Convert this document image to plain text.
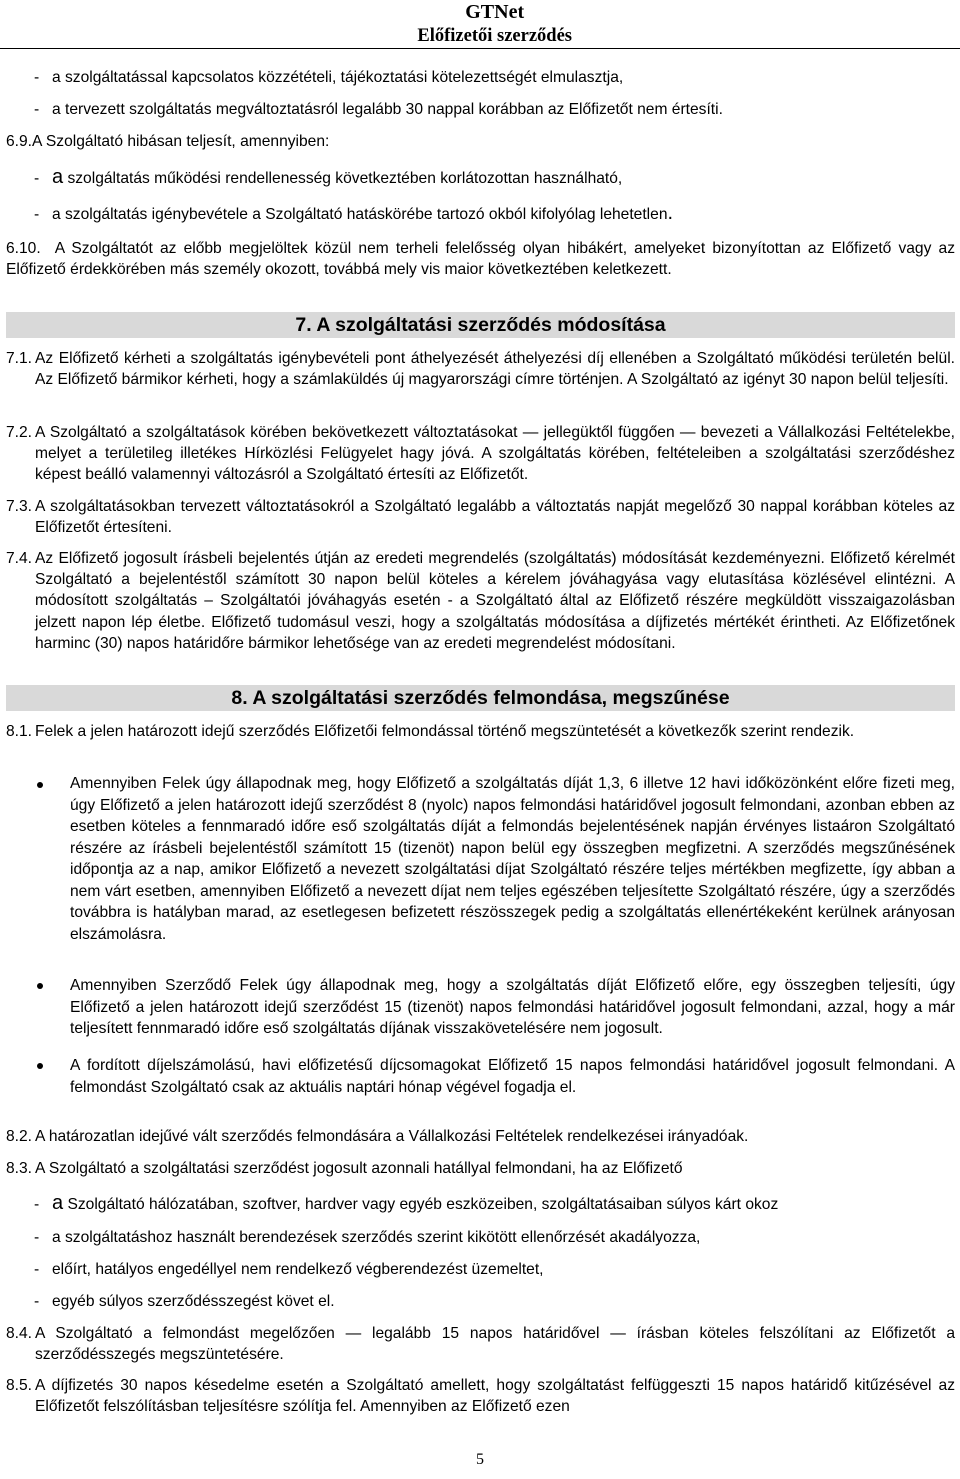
GTNet
Előfizetői szerződés
- a szolgáltatással kapcsolatos közzétételi, tájékoztatási kötelezettségét elmulasztja,
- a tervezett szolgáltatás megváltoztatásról legalább 30 nappal korábban az Előfizetőt nem értesíti.
6.9.A Szolgáltató hibásan teljesít, amennyiben:
- a szolgáltatás működési rendellenesség következtében korlátozottan használható,
- a szolgáltatás igénybevétele a Szolgáltató hatáskörébe tartozó okból kifolyólag lehetetlen.
6.10. A Szolgáltatót az előbb megjelöltek közül nem terheli felelősség olyan hibákért, amelyeket bizonyítottan az Előfizető vagy az Előfizető érdekkörében más személy okozott, továbbá mely vis maior következtében keletkezett.
7. A szolgáltatási szerződés módosítása
7.1. Az Előfizető kérheti a szolgáltatás igénybevételi pont áthelyezését áthelyezési díj ellenében a Szolgáltató működési területén belül. Az Előfizető bármikor kérheti, hogy a számlaküldés új magyarországi címre történjen. A Szolgáltató az igényt 30 napon belül teljesíti.
7.2. A Szolgáltató a szolgáltatások körében bekövetkezett változtatásokat — jellegüktől függően — bevezeti a Vállalkozási Feltételekbe, melyet a területileg illetékes Hírközlési Felügyelet hagy jóvá. A szolgáltatás körében, feltételeiben a szolgáltatási szerződéshez képest beálló valamennyi változásról a Szolgáltató értesíti az Előfizetőt.
7.3. A szolgáltatásokban tervezett változtatásokról a Szolgáltató legalább a változtatás napját megelőző 30 nappal korábban köteles az Előfizetőt értesíteni.
7.4. Az Előfizető jogosult írásbeli bejelentés útján az eredeti megrendelés (szolgáltatás) módosítását kezdeményezni. Előfizető kérelmét Szolgáltató a bejelentéstől számított 30 napon belül köteles a kérelem jóváhagyása vagy elutasítása közlésével elintézni. A módosított szolgáltatás – Szolgáltatói jóváhagyás esetén - a Szolgáltató által az Előfizető részére megküldött visszaigazolásban jelzett napon lép életbe. Előfizető tudomásul veszi, hogy a szolgáltatás módosítása a díjfizetés mértékét érintheti. Az Előfizetőnek harminc (30) napos határidőre bármikor lehetősége van az eredeti megrendelést módosítani.
8. A szolgáltatási szerződés felmondása, megszűnése
8.1. Felek a jelen határozott idejű szerződés Előfizetői felmondással történő megszüntetését a következők szerint rendezik.
Amennyiben Felek úgy állapodnak meg, hogy Előfizető a szolgáltatás díját 1,3, 6 illetve 12 havi időközönként előre fizeti meg, úgy Előfizető a jelen határozott idejű szerződést 8 (nyolc) napos felmondási határidővel jogosult felmondani, azonban ebben az esetben köteles a fennmaradó időre eső szolgáltatás díját a felmondás bejelentésének napján érvényes listaáron Szolgáltató részére az írásbeli bejelentéstől számított 15 (tizenöt) napon belül egy összegben megfizetni. A szerződés megszűnésének időpontja az a nap, amikor Előfizető a nevezett szolgáltatási díjat Szolgáltató részére teljes mértékben megfizette, így abban a nem várt esetben, amennyiben Előfizető a nevezett díjat nem teljes egészében teljesítette Szolgáltató részére, úgy a szerződés továbbra is hatályban marad, az esetlegesen befizetett részösszegek pedig a szolgáltatás ellenértékeként kerülnek arányosan elszámolásra.
Amennyiben Szerződő Felek úgy állapodnak meg, hogy a szolgáltatás díját Előfizető előre, egy összegben teljesíti, úgy Előfizető a jelen határozott idejű szerződést 15 (tizenöt) napos felmondási határidővel jogosult felmondani, azzal, hogy a már teljesített fennmaradó időre eső szolgáltatás díjának visszakövetelésére nem jogosult.
A fordított díjelszámolású, havi előfizetésű díjcsomagokat Előfizető 15 napos felmondási határidővel jogosult felmondani. A felmondást Szolgáltató csak az aktuális naptári hónap végével fogadja el.
8.2. A határozatlan idejűvé vált szerződés felmondására a Vállalkozási Feltételek rendelkezései irányadóak.
8.3. A Szolgáltató a szolgáltatási szerződést jogosult azonnali hatállyal felmondani, ha az Előfizető
- a Szolgáltató hálózatában, szoftver, hardver vagy egyéb eszközeiben, szolgáltatásaiban súlyos kárt okoz
- a szolgáltatáshoz használt berendezések szerződés szerint kikötött ellenőrzését akadályozza,
- előírt, hatályos engedéllyel nem rendelkező végberendezést üzemeltet,
- egyéb súlyos szerződésszegést követ el.
8.4. A Szolgáltató a felmondást megelőzően — legalább 15 napos határidővel — írásban köteles felszólítani az Előfizetőt a szerződésszegés megszüntetésére.
8.5. A díjfizetés 30 napos késedelme esetén a Szolgáltató amellett, hogy szolgáltatást felfüggeszti 15 napos határidő kitűzésével az Előfizetőt felszólításban teljesítésre szólítja fel. Amennyiben az Előfizető ezen
5
